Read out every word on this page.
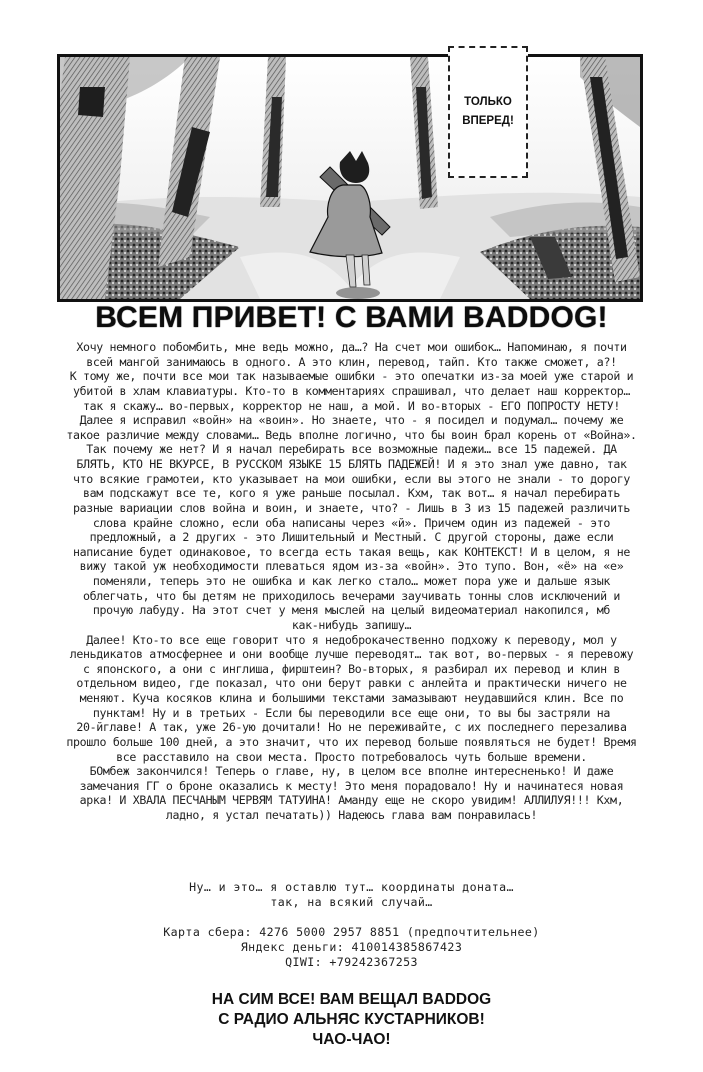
ТОЛЬКО
ВПЕРЕД!
ВСЕМ ПРИВЕТ! С ВАМИ BADDOG!
Хочу немного побомбить, мне ведь можно, да…? На счет мои ошибок… Напоминаю, я почти
всей мангой занимаюсь в одного. А это клин, перевод, тайп. Кто также сможет, а?!
К тому же, почти все мои так называемые ошибки - это опечатки из-за моей уже старой и
убитой в хлам клавиатуры. Кто-то в комментариях спрашивал, что делает наш корректор…
так я скажу… во-первых, корректор не наш, а мой. И во-вторых - ЕГО ПОПРОСТУ НЕТУ!
Далее я исправил «войн» на «воин». Но знаете, что - я посидел и подумал… почему же
такое различие между словами… Ведь вполне логично, что бы воин брал корень от «Война».
Так почему же нет? И я начал перебирать все возможные падежи… все 15 падежей. ДА
БЛЯТЬ, КТО НЕ ВКУРСЕ, В РУССКОМ ЯЗЫКЕ 15 БЛЯТЬ ПАДЕЖЕЙ! И я это знал уже давно, так
что всякие грамотеи, кто указывает на мои ошибки, если вы этого не знали - то дорогу
вам подскажут все те, кого я уже раньше посылал. Кхм, так вот… я начал перебирать
разные вариации слов война и воин, и знаете, что? - Лишь в 3 из 15 падежей различить
слова крайне сложно, если оба написаны через «й». Причем один из падежей - это
предложный, а 2 других - это Лишительный и Местный. С другой стороны, даже если
написание будет одинаковое, то всегда есть такая вещь, как КОНТЕКСТ! И в целом, я не
вижу такой уж необходимости плеваться ядом из-за «войн». Это тупо. Вон, «ё» на «е»
поменяли, теперь это не ошибка и как легко стало… может пора уже и дальше язык
облегчать, что бы детям не приходилось вечерами заучивать тонны слов исключений и
прочую лабуду. На этот счет у меня мыслей на целый видеоматериал накопился, мб
как-нибудь запишу…
Далее! Кто-то все еще говорит что я недоброкачественно подхожу к переводу, мол у
леньдикатов атмосфернее и они вообще лучше переводят… так вот, во-первых - я перевожу
с японского, а они с инглиша, фирштеин? Во-вторых, я разбирал их перевод и клин в
отдельном видео, где показал, что они берут равки с анлейта и практически ничего не
меняют. Куча косяков клина и большими текстами замазывают неудавшийся клин. Все по
пунктам! Ну и в третьих - Если бы переводили все еще они, то вы бы застряли на
20-йглаве! А так, уже 26-ую дочитали! Но не переживайте, с их последнего перезалива
прошло больше 100 дней, а это значит, что их перевод больше появляться не будет! Время
все расставило на свои места. Просто потребовалось чуть больше времени.
БОмбеж закончился! Теперь о главе, ну, в целом все вполне интересненько! И даже
замечания ГГ о броне оказались к месту! Это меня порадовало! Ну и начинатеся новая
арка! И ХВАЛА ПЕСЧАНЫМ ЧЕРВЯМ ТАТУИНА! Аманду еще не скоро увидим! АЛЛИЛУЯ!!! Кхм,
ладно, я устал печатать)) Надеюсь глава вам понравилась!
Ну… и это… я оставлю тут… координаты доната…
так, на всякий случай…
Карта сбера: 4276 5000 2957 8851 (предпочтительнее)
Яндекс деньги: 410014385867423
QIWI: +79242367253
НА СИМ ВСЕ! ВАМ ВЕЩАЛ BADDOG
С РАДИО АЛЬНЯС КУСТАРНИКОВ!
ЧАО-ЧАО!
